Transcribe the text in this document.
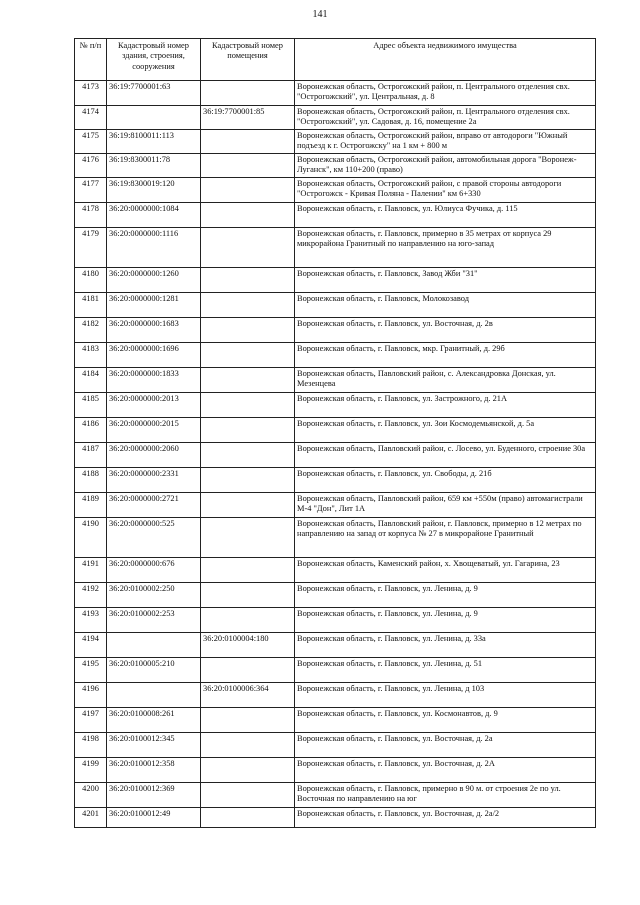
141
№ п/п	Кадастровый номер здания, строения, сооружения	Кадастровый номер помещения	Адрес объекта недвижимого имущества
4173	36:19:7700001:63		Воронежская область, Острогожский район, п. Центрального отделения свх. "Острогожский", ул. Центральная, д. 8
4174		36:19:7700001:85	Воронежская область, Острогожский район, п. Центрального отделения свх. "Острогожский", ул. Садовая, д. 16, помещение 2а
4175	36:19:8100011:113		Воронежская область, Острогожский район, вправо от автодороги "Южный подъезд к г. Острогожску" на 1 км + 800 м
4176	36:19:8300011:78		Воронежская область, Острогожский район, автомобильная дорога "Воронеж-Луганск", км 110+200 (право)
4177	36:19:8300019:120		Воронежская область, Острогожский район, с правой стороны автодороги "Острогожск - Кривая Поляна - Палении" км 6+330
4178	36:20:0000000:1084		Воронежская область, г. Павловск, ул. Юлиуса Фучика, д. 115
4179	36:20:0000000:1116		Воронежская область, г. Павловск, примерно в 35 метрах от корпуса 29 микрорайона Гранитный по направлению на юго-запад
4180	36:20:0000000:1260		Воронежская область, г. Павловск, Завод Жби "31"
4181	36:20:0000000:1281		Воронежская область, г. Павловск, Молокозавод
4182	36:20:0000000:1683		Воронежская область, г. Павловск, ул. Восточная, д. 2в
4183	36:20:0000000:1696		Воронежская область, г. Павловск, мкр. Гранитный, д. 29б
4184	36:20:0000000:1833		Воронежская область, Павловский район, с. Александровка Донская, ул. Мезенцева
4185	36:20:0000000:2013		Воронежская область, г. Павловск, ул. Застрожного, д. 21А
4186	36:20:0000000:2015		Воронежская область, г. Павловск, ул. Зои Космодемьянской, д. 5а
4187	36:20:0000000:2060		Воронежская область, Павловский район, с. Лосево, ул. Буденного, строение 30а
4188	36:20:0000000:2331		Воронежская область, г. Павловск, ул. Свободы, д. 21б
4189	36:20:0000000:2721		Воронежская область, Павловский район, 659 км +550м (право) автомагистрали М-4 "Дон", Лит 1А
4190	36:20:0000000:525		Воронежская область, Павловский район, г. Павловск, примерно в 12 метрах по направлению на запад от корпуса № 27 в микрорайоне Гранитный
4191	36:20:0000000:676		Воронежская область, Каменский район, х. Хвощеватый, ул. Гагарина, 23
4192	36:20:0100002:250		Воронежская область, г. Павловск, ул. Ленина, д. 9
4193	36:20:0100002:253		Воронежская область, г. Павловск, ул. Ленина, д. 9
4194		36:20:0100004:180	Воронежская область, г. Павловск, ул. Ленина, д. 33а
4195	36:20:0100005:210		Воронежская область, г. Павловск, ул. Ленина, д. 51
4196		36:20:0100006:364	Воронежская область, г. Павловск, ул. Ленина, д 103
4197	36:20:0100008:261		Воронежская область, г. Павловск, ул. Космонавтов, д. 9
4198	36:20:0100012:345		Воронежская область, г. Павловск, ул. Восточная, д. 2а
4199	36:20:0100012:358		Воронежская область, г. Павловск, ул. Восточная, д. 2А
4200	36:20:0100012:369		Воронежская область, г. Павловск, примерно в 90 м. от строения 2е по ул. Восточная по направлению на юг
4201	36:20:0100012:49		Воронежская область, г. Павловск, ул. Восточная, д. 2а/2
